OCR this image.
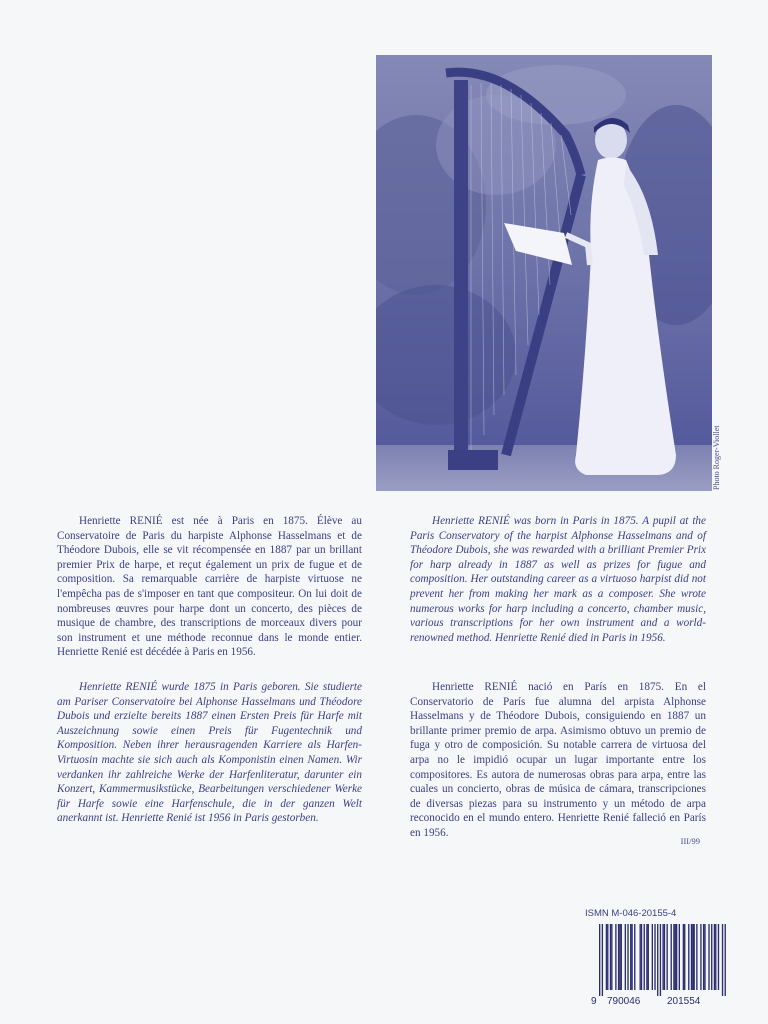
Photo Roger-Viollet

Henriette RENIÉ est née à Paris en 1875. Élève au Conservatoire de Paris du harpiste Alphonse Hasselmans et de Théodore Dubois, elle se vit récompensée en 1887 par un brillant premier Prix de harpe, et reçut également un prix de fugue et de composition. Sa remarquable carrière de harpiste virtuose ne l'empêcha pas de s'imposer en tant que compositeur. On lui doit de nombreuses œuvres pour harpe dont un concerto, des pièces de musique de chambre, des transcriptions de morceaux divers pour son instrument et une méthode reconnue dans le monde entier. Henriette Renié est décédée à Paris en 1956.

Henriette RENIÉ wurde 1875 in Paris geboren. Sie studierte am Pariser Conservatoire bei Alphonse Hasselmans und Théodore Dubois und erzielte bereits 1887 einen Ersten Preis für Harfe mit Auszeichnung sowie einen Preis für Fugentechnik und Komposition. Neben ihrer herausragenden Karriere als Harfen-Virtuosin machte sie sich auch als Komponistin einen Namen. Wir verdanken ihr zahlreiche Werke der Harfenliteratur, darunter ein Konzert, Kammermusikstücke, Bearbeitungen verschiedener Werke für Harfe sowie eine Harfenschule, die in der ganzen Welt anerkannt ist. Henriette Renié ist 1956 in Paris gestorben.

Henriette RENIÉ was born in Paris in 1875. A pupil at the Paris Conservatory of the harpist Alphonse Hasselmans and of Théodore Dubois, she was rewarded with a brilliant Premier Prix for harp already in 1887 as well as prizes for fugue and composition. Her outstanding career as a virtuoso harpist did not prevent her from making her mark as a composer. She wrote numerous works for harp including a concerto, chamber music, various transcriptions for her own instrument and a world-renowned method. Henriette Renié died in Paris in 1956.

Henriette RENIÉ nació en París en 1875. En el Conservatorio de París fue alumna del arpista Alphonse Hasselmans y de Théodore Dubois, consiguiendo en 1887 un brillante primer premio de arpa. Asimismo obtuvo un premio de fuga y otro de composición. Su notable carrera de virtuosa del arpa no le impidió ocupar un lugar importante entre los compositores. Es autora de numerosas obras para arpa, entre las cuales un concierto, obras de música de cámara, transcripciones de diversas piezas para su instrumento y un método de arpa reconocido en el mundo entero. Henriette Renié falleció en París en 1956.

III/99
ISMN M-046-20155-4
9 790046	201554
